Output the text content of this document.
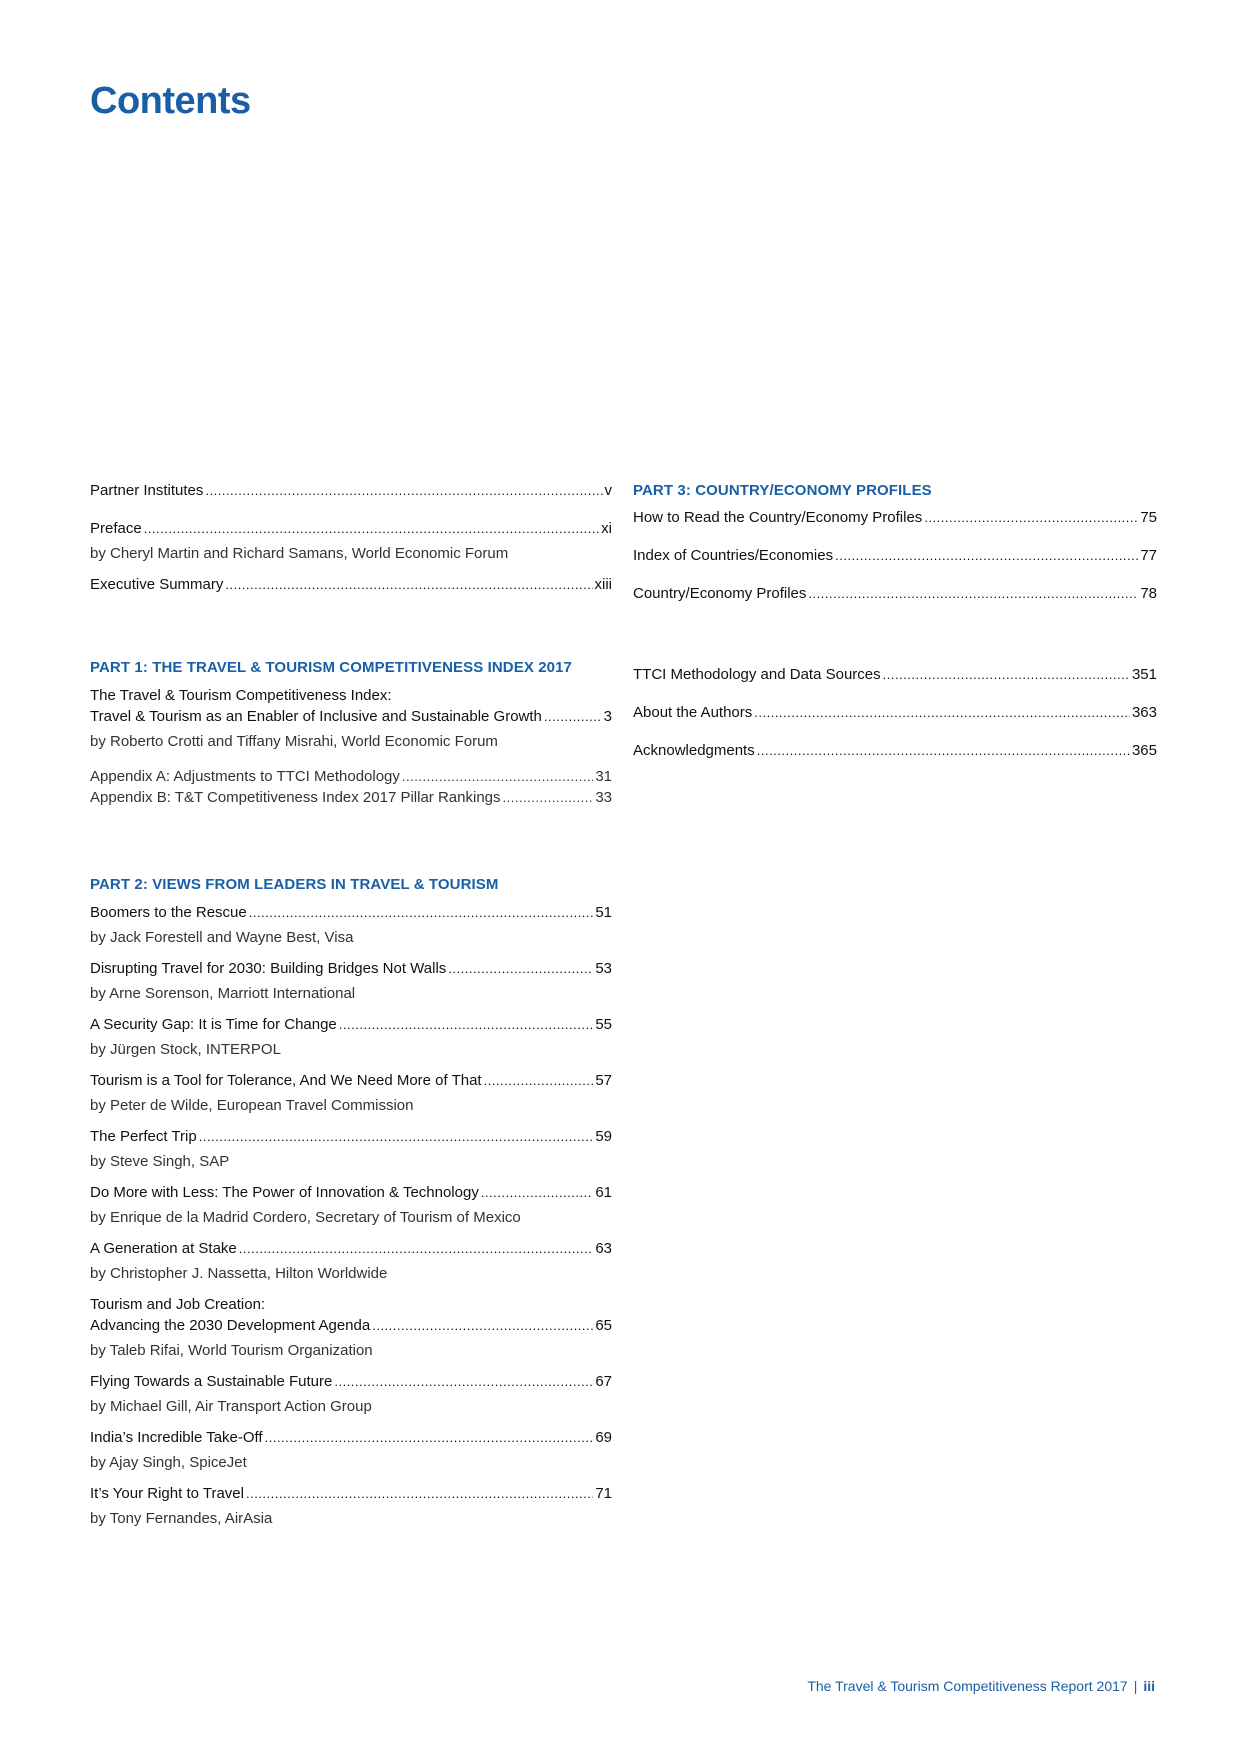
Contents
Partner Institutes .....	v
Preface .....	xi
by Cheryl Martin and Richard Samans, World Economic Forum
Executive Summary .....	xiii
PART 1: THE TRAVEL & TOURISM COMPETITIVENESS INDEX 2017
The Travel & Tourism Competitiveness Index:
Travel & Tourism as an Enabler of Inclusive and Sustainable Growth .....	3
by Roberto Crotti and Tiffany Misrahi, World Economic Forum
Appendix A: Adjustments to TTCI Methodology .....	31
Appendix B: T&T Competitiveness Index 2017 Pillar Rankings .....	33
PART 2: VIEWS FROM LEADERS IN TRAVEL & TOURISM
Boomers to the Rescue .....	51
by Jack Forestell and Wayne Best, Visa
Disrupting Travel for 2030: Building Bridges Not Walls .....	53
by Arne Sorenson, Marriott International
A Security Gap: It is Time for Change .....	55
by Jürgen Stock, INTERPOL
Tourism is a Tool for Tolerance, And We Need More of That .....	57
by Peter de Wilde, European Travel Commission
The Perfect Trip .....	59
by Steve Singh, SAP
Do More with Less: The Power of Innovation & Technology .....	61
by Enrique de la Madrid Cordero, Secretary of Tourism of Mexico
A Generation at Stake .....	63
by Christopher J. Nassetta, Hilton Worldwide
Tourism and Job Creation:
Advancing the 2030 Development Agenda .....	65
by Taleb Rifai, World Tourism Organization
Flying Towards a Sustainable Future .....	67
by Michael Gill, Air Transport Action Group
India’s Incredible Take-Off .....	69
by Ajay Singh, SpiceJet
It’s Your Right to Travel .....	71
by Tony Fernandes, AirAsia
PART 3: COUNTRY/ECONOMY PROFILES
How to Read the Country/Economy Profiles .....	75
Index of Countries/Economies .....	77
Country/Economy Profiles .....	78
TTCI Methodology and Data Sources .....	351
About the Authors .....	363
Acknowledgments .....	365
The Travel & Tourism Competitiveness Report 2017 | iii
